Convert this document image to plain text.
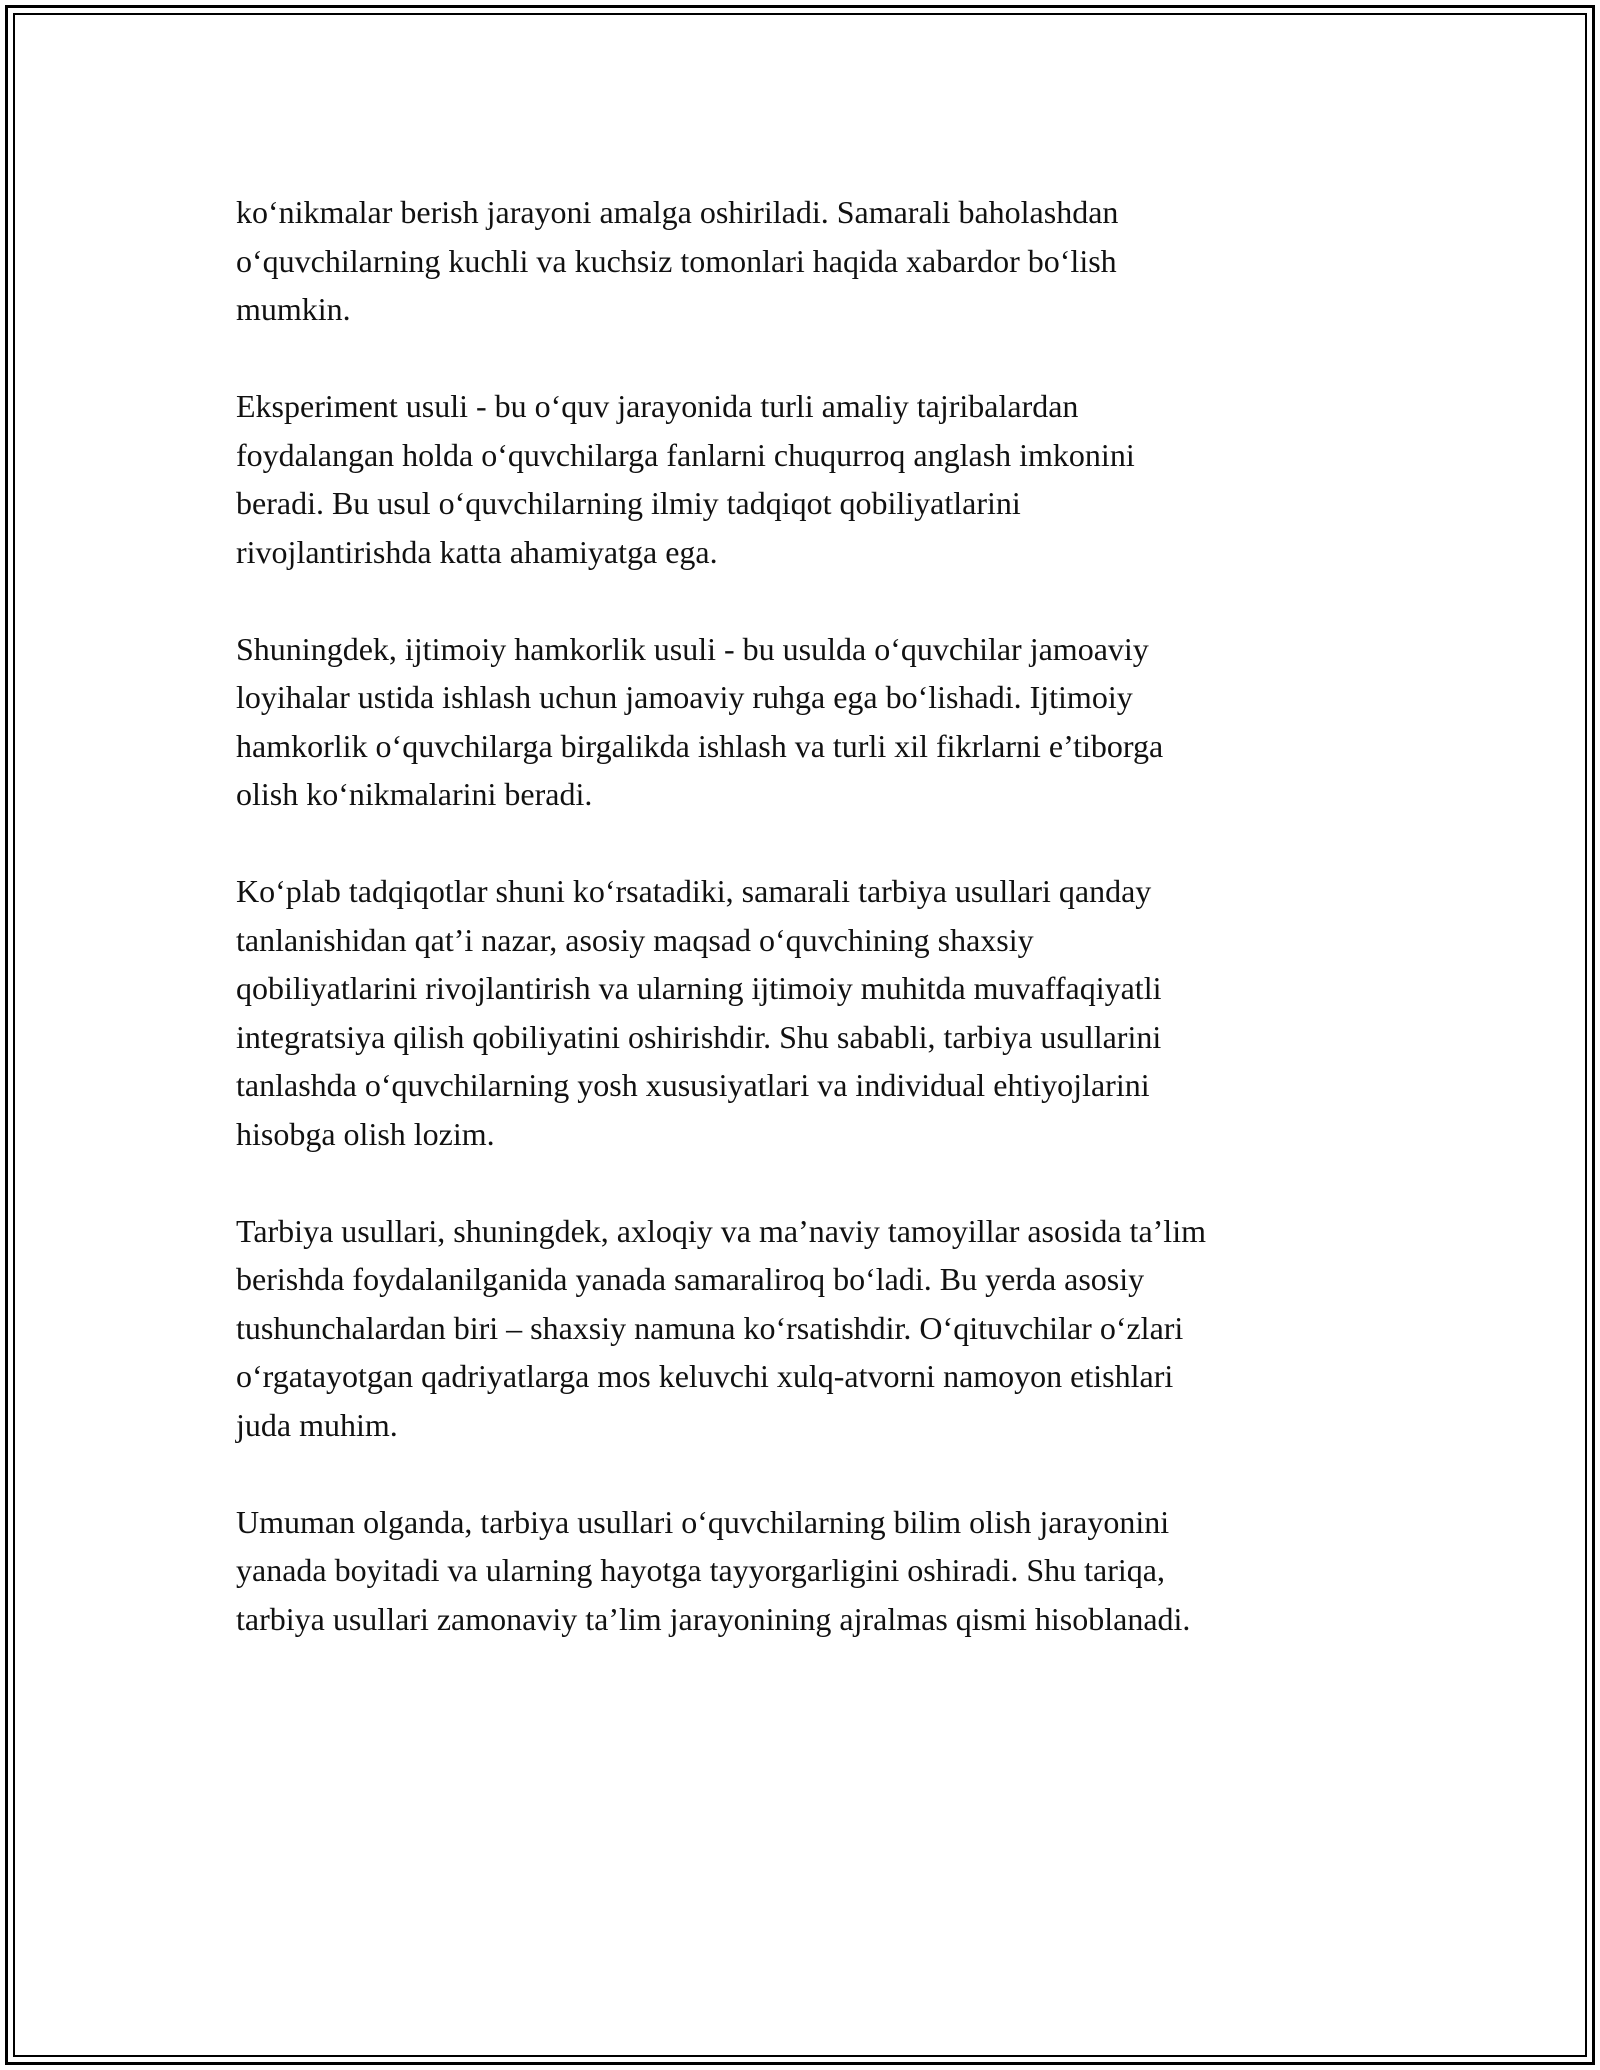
ko‘nikmalar berish jarayoni amalga oshiriladi. Samarali baholashdan
o‘quvchilarning kuchli va kuchsiz tomonlari haqida xabardor bo‘lish
mumkin.

Eksperiment usuli - bu o‘quv jarayonida turli amaliy tajribalardan
foydalangan holda o‘quvchilarga fanlarni chuqurroq anglash imkonini
beradi. Bu usul o‘quvchilarning ilmiy tadqiqot qobiliyatlarini
rivojlantirishda katta ahamiyatga ega.

Shuningdek, ijtimoiy hamkorlik usuli - bu usulda o‘quvchilar jamoaviy
loyihalar ustida ishlash uchun jamoaviy ruhga ega bo‘lishadi. Ijtimoiy
hamkorlik o‘quvchilarga birgalikda ishlash va turli xil fikrlarni e’tiborga
olish ko‘nikmalarini beradi.

Ko‘plab tadqiqotlar shuni ko‘rsatadiki, samarali tarbiya usullari qanday
tanlanishidan qat’i nazar, asosiy maqsad o‘quvchining shaxsiy
qobiliyatlarini rivojlantirish va ularning ijtimoiy muhitda muvaffaqiyatli
integratsiya qilish qobiliyatini oshirishdir. Shu sababli, tarbiya usullarini
tanlashda o‘quvchilarning yosh xususiyatlari va individual ehtiyojlarini
hisobga olish lozim.

Tarbiya usullari, shuningdek, axloqiy va ma’naviy tamoyillar asosida ta’lim
berishda foydalanilganida yanada samaraliroq bo‘ladi. Bu yerda asosiy
tushunchalardan biri – shaxsiy namuna ko‘rsatishdir. O‘qituvchilar o‘zlari
o‘rgatayotgan qadriyatlarga mos keluvchi xulq-atvorni namoyon etishlari
juda muhim.

Umuman olganda, tarbiya usullari o‘quvchilarning bilim olish jarayonini
yanada boyitadi va ularning hayotga tayyorgarligini oshiradi. Shu tariqa,
tarbiya usullari zamonaviy ta’lim jarayonining ajralmas qismi hisoblanadi.
